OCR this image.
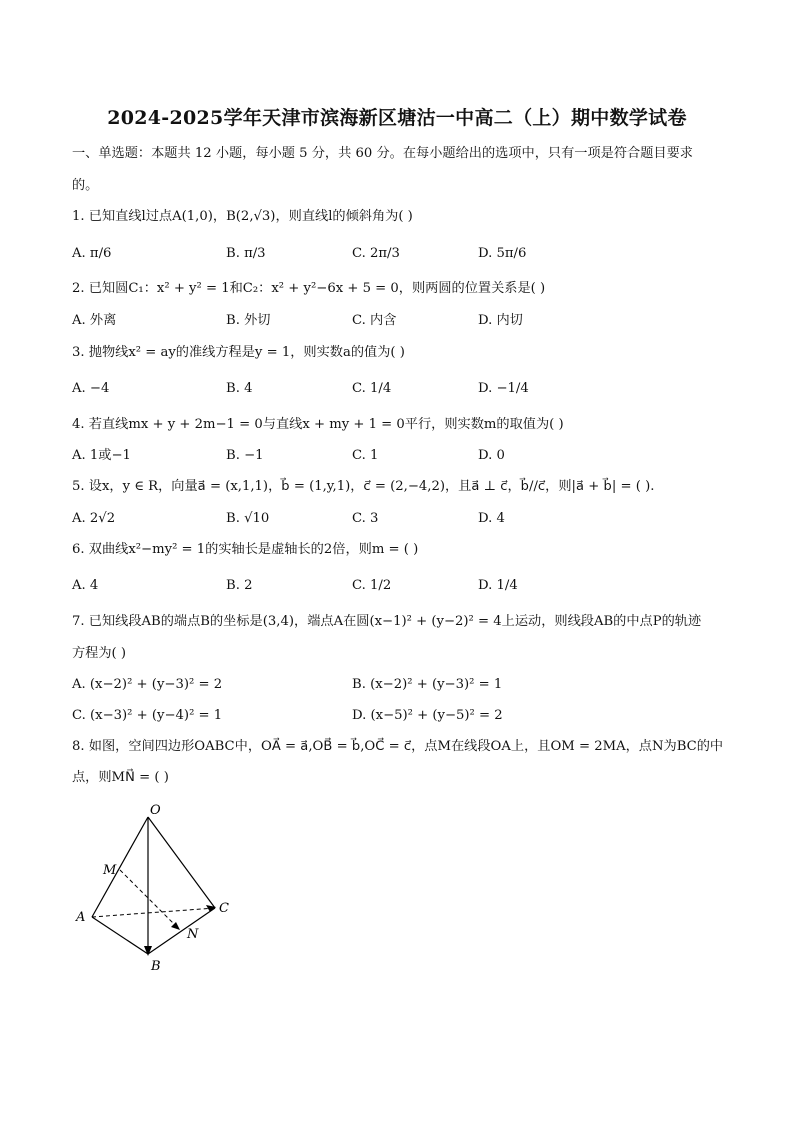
2024-2025学年天津市滨海新区塘沽一中高二（上）期中数学试卷
一、单选题：本题共 12 小题，每小题 5 分，共 60 分。在每小题给出的选项中，只有一项是符合题目要求
的。
1. 已知直线l过点A(1,0)，B(2,√3)，则直线l的倾斜角为( )
A. π/6	B. π/3	C. 2π/3	D. 5π/6
2. 已知圆C₁：x² + y² = 1和C₂：x² + y²−6x + 5 = 0，则两圆的位置关系是( )
A. 外离	B. 外切	C. 内含	D. 内切
3. 抛物线x² = ay的准线方程是y = 1，则实数a的值为( )
A. −4	B. 4	C. 1/4	D. −1/4
4. 若直线mx + y + 2m−1 = 0与直线x + my + 1 = 0平行，则实数m的取值为( )
A. 1或−1	B. −1	C. 1	D. 0
5. 设x，y ∈ R，向量a⃗ = (x,1,1)，b⃗ = (1,y,1)，c⃗ = (2,−4,2)，且a⃗ ⊥ c⃗，b⃗//c⃗，则|a⃗ + b⃗| = ( ).
A. 2√2	B. √10	C. 3	D. 4
6. 双曲线x²−my² = 1的实轴长是虚轴长的2倍，则m = ( )
A. 4	B. 2	C. 1/2	D. 1/4
7. 已知线段AB的端点B的坐标是(3,4)，端点A在圆(x−1)² + (y−2)² = 4上运动，则线段AB的中点P的轨迹
方程为( )
A. (x−2)² + (y−3)² = 2	B. (x−2)² + (y−3)² = 1
C. (x−3)² + (y−4)² = 1	D. (x−5)² + (y−5)² = 2
8. 如图，空间四边形OABC中，OA⃗ = a⃗,OB⃗ = b⃗,OC⃗ = c⃗，点M在线段OA上，且OM = 2MA，点N为BC的中
点，则MN⃗ = ( )
O
M
A
C
N
B
